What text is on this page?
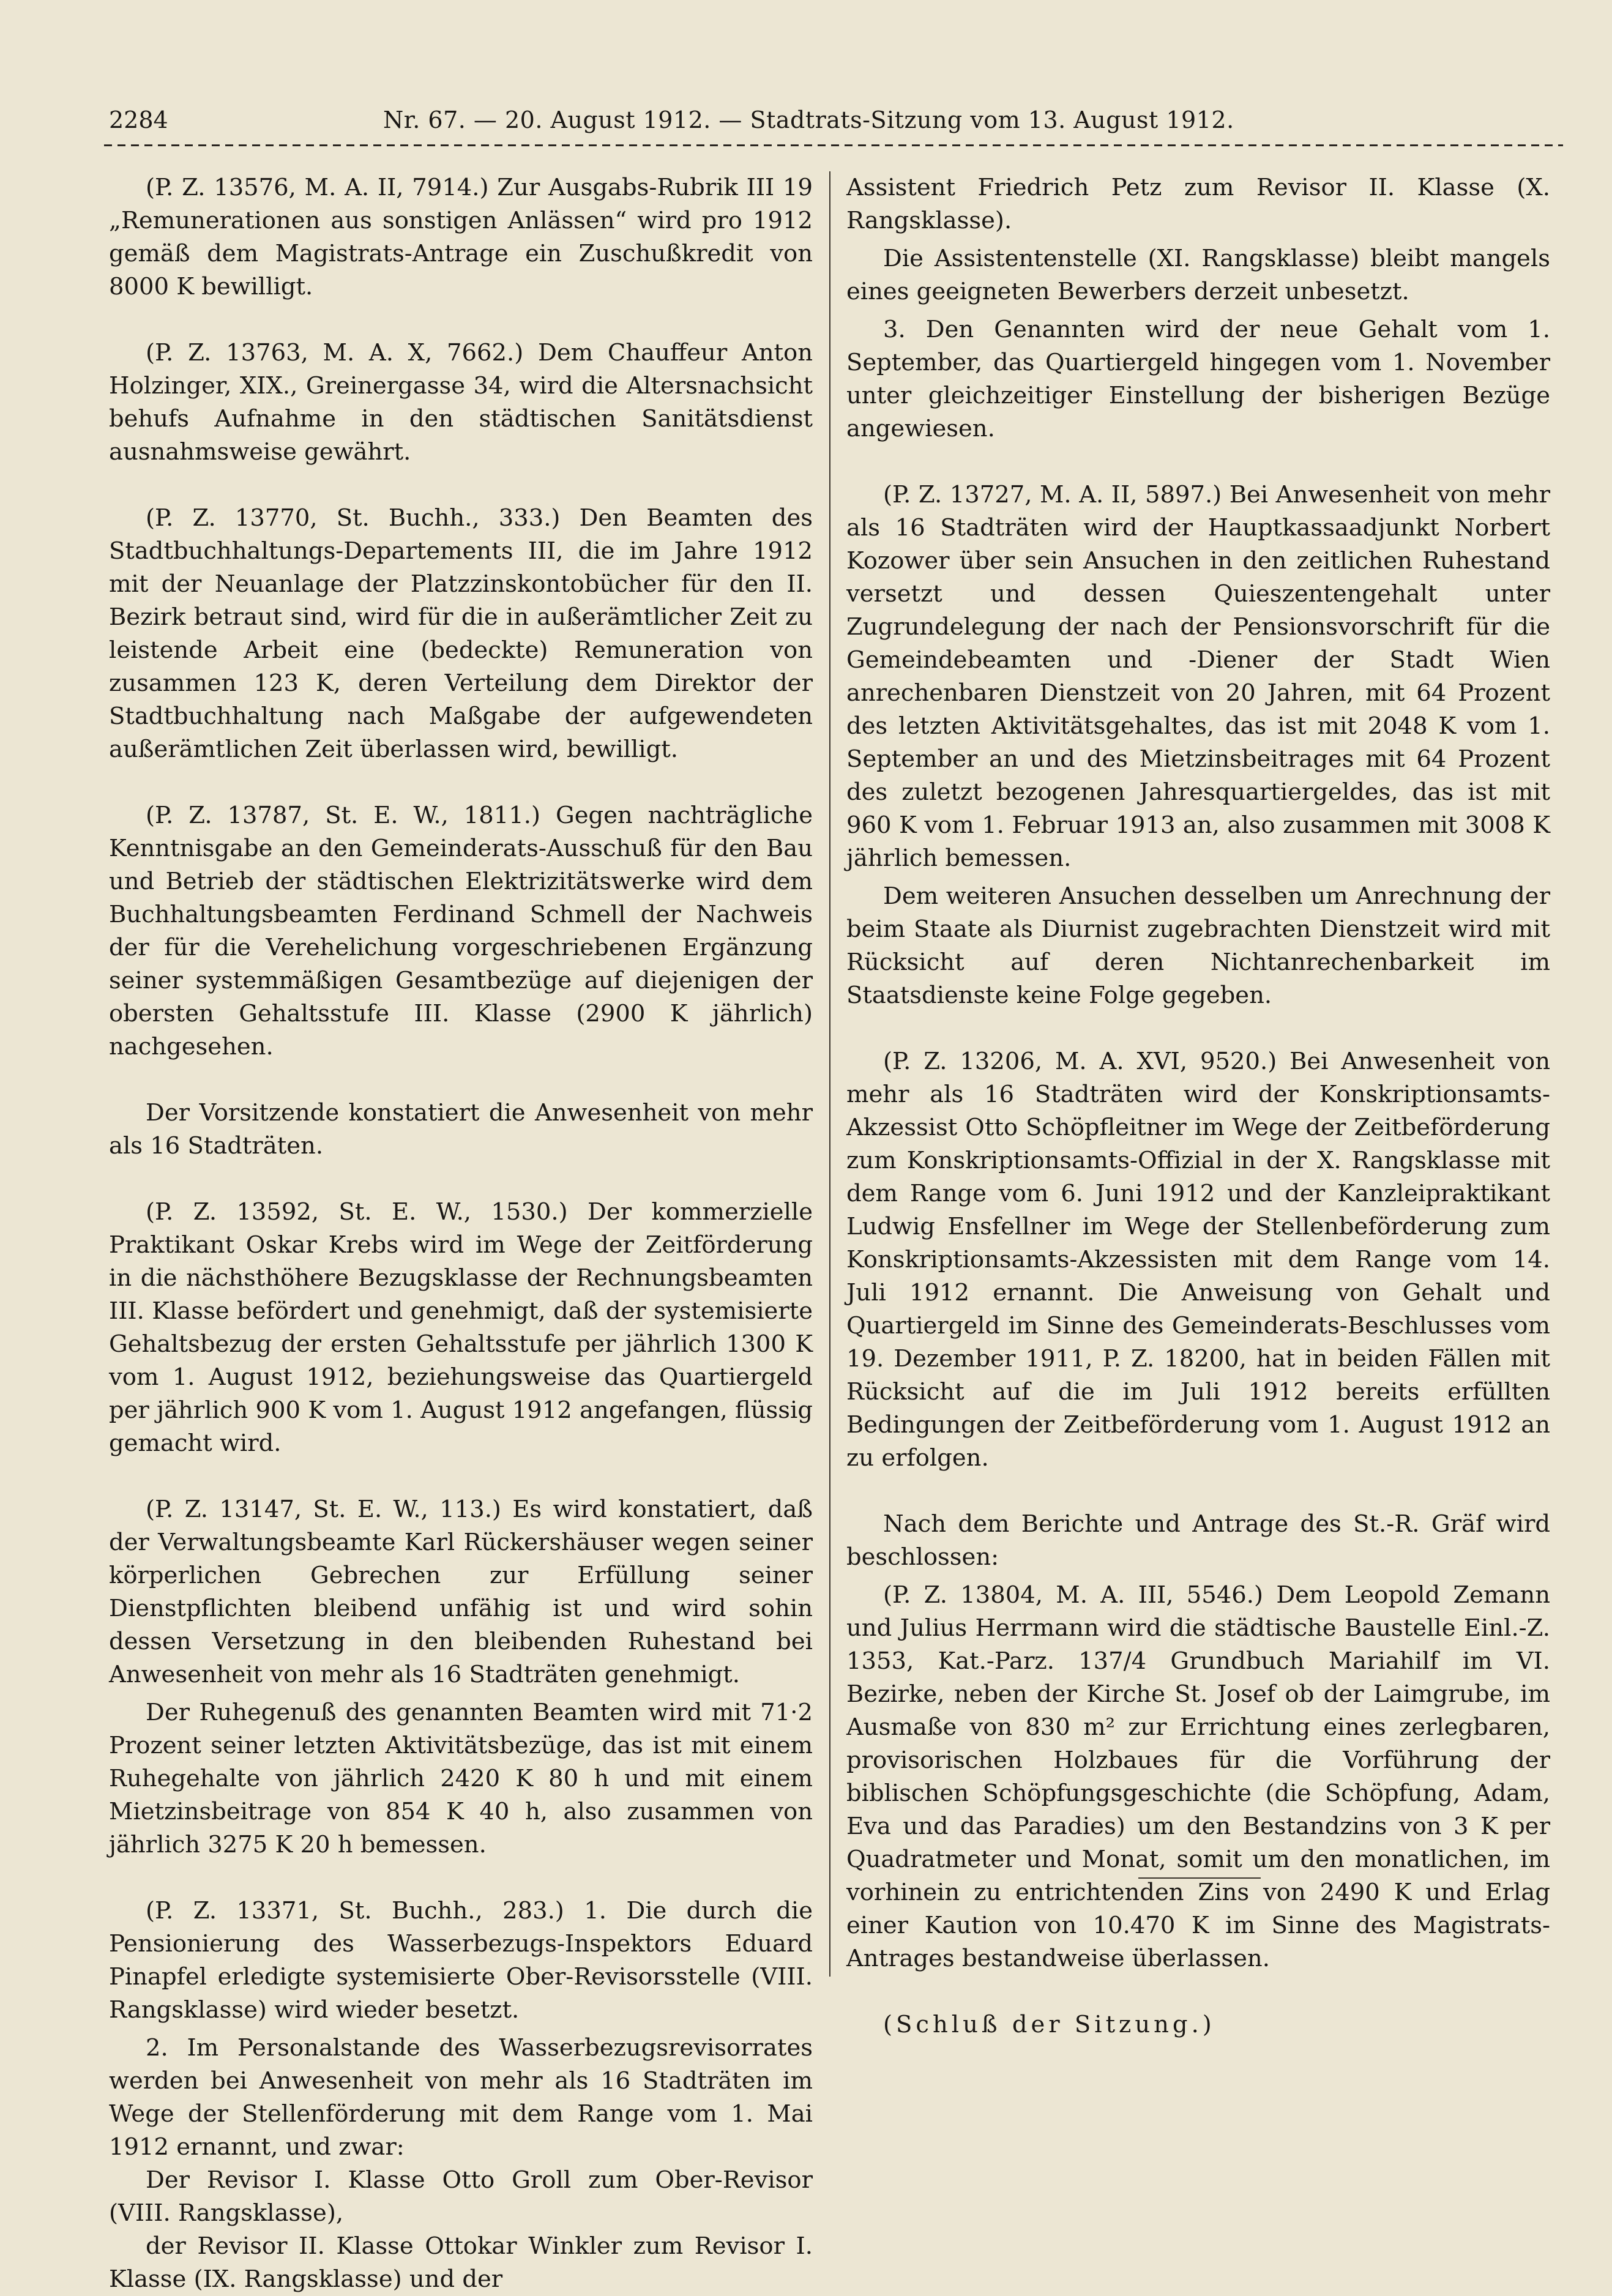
2284	Nr. 67. — 20. August 1912. — Stadtrats-Sitzung vom 13. August 1912.

(P. Z. 13576, M. A. II, 7914.) Zur Ausgabs-Rubrik III 19 „Remunerationen aus sonstigen Anlässen“ wird pro 1912 gemäß dem Magistrats-Antrage ein Zuschußkredit von 8000 K bewilligt.

(P. Z. 13763, M. A. X, 7662.) Dem Chauffeur Anton Holzinger, XIX., Greinergasse 34, wird die Altersnachsicht behufs Aufnahme in den städtischen Sanitätsdienst ausnahmsweise gewährt.

(P. Z. 13770, St. Buchh., 333.) Den Beamten des Stadtbuchhaltungs-Departements III, die im Jahre 1912 mit der Neuanlage der Platzzinskontobücher für den II. Bezirk betraut sind, wird für die in außerämtlicher Zeit zu leistende Arbeit eine (bedeckte) Remuneration von zusammen 123 K, deren Verteilung dem Direktor der Stadtbuchhaltung nach Maßgabe der aufgewendeten außerämtlichen Zeit überlassen wird, bewilligt.

(P. Z. 13787, St. E. W., 1811.) Gegen nachträgliche Kenntnisgabe an den Gemeinderats-Ausschuß für den Bau und Betrieb der städtischen Elektrizitätswerke wird dem Buchhaltungsbeamten Ferdinand Schmell der Nachweis der für die Verehelichung vorgeschriebenen Ergänzung seiner systemmäßigen Gesamtbezüge auf diejenigen der obersten Gehaltsstufe III. Klasse (2900 K jährlich) nachgesehen.

Der Vorsitzende konstatiert die Anwesenheit von mehr als 16 Stadträten.

(P. Z. 13592, St. E. W., 1530.) Der kommerzielle Praktikant Oskar Krebs wird im Wege der Zeitförderung in die nächsthöhere Bezugsklasse der Rechnungsbeamten III. Klasse befördert und genehmigt, daß der systemisierte Gehaltsbezug der ersten Gehaltsstufe per jährlich 1300 K vom 1. August 1912, beziehungsweise das Quartiergeld per jährlich 900 K vom 1. August 1912 angefangen, flüssig gemacht wird.

(P. Z. 13147, St. E. W., 113.) Es wird konstatiert, daß der Verwaltungsbeamte Karl Rückershäuser wegen seiner körperlichen Gebrechen zur Erfüllung seiner Dienstpflichten bleibend unfähig ist und wird sohin dessen Versetzung in den bleibenden Ruhestand bei Anwesenheit von mehr als 16 Stadträten genehmigt.

Der Ruhegenuß des genannten Beamten wird mit 71·2 Prozent seiner letzten Aktivitätsbezüge, das ist mit einem Ruhegehalte von jährlich 2420 K 80 h und mit einem Mietzinsbeitrage von 854 K 40 h, also zusammen von jährlich 3275 K 20 h bemessen.

(P. Z. 13371, St. Buchh., 283.) 1. Die durch die Pensionierung des Wasserbezugs-Inspektors Eduard Pinapfel erledigte systemisierte Ober-Revisorsstelle (VIII. Rangsklasse) wird wieder besetzt.

2. Im Personalstande des Wasserbezugsrevisorrates werden bei Anwesenheit von mehr als 16 Stadträten im Wege der Stellenförderung mit dem Range vom 1. Mai 1912 ernannt, und zwar:

Der Revisor I. Klasse Otto Groll zum Ober-Revisor (VIII. Rangsklasse),

der Revisor II. Klasse Ottokar Winkler zum Revisor I. Klasse (IX. Rangsklasse) und der

Assistent Friedrich Petz zum Revisor II. Klasse (X. Rangsklasse).

Die Assistentenstelle (XI. Rangsklasse) bleibt mangels eines geeigneten Bewerbers derzeit unbesetzt.

3. Den Genannten wird der neue Gehalt vom 1. September, das Quartiergeld hingegen vom 1. November unter gleichzeitiger Einstellung der bisherigen Bezüge angewiesen.

(P. Z. 13727, M. A. II, 5897.) Bei Anwesenheit von mehr als 16 Stadträten wird der Hauptkassaadjunkt Norbert Kozower über sein Ansuchen in den zeitlichen Ruhestand versetzt und dessen Quieszentengehalt unter Zugrundelegung der nach der Pensionsvorschrift für die Gemeindebeamten und -Diener der Stadt Wien anrechenbaren Dienstzeit von 20 Jahren, mit 64 Prozent des letzten Aktivitätsgehaltes, das ist mit 2048 K vom 1. September an und des Mietzinsbeitrages mit 64 Prozent des zuletzt bezogenen Jahresquartiergeldes, das ist mit 960 K vom 1. Februar 1913 an, also zusammen mit 3008 K jährlich bemessen.

Dem weiteren Ansuchen desselben um Anrechnung der beim Staate als Diurnist zugebrachten Dienstzeit wird mit Rücksicht auf deren Nichtanrechenbarkeit im Staatsdienste keine Folge gegeben.

(P. Z. 13206, M. A. XVI, 9520.) Bei Anwesenheit von mehr als 16 Stadträten wird der Konskriptionsamts-Akzessist Otto Schöpfleitner im Wege der Zeitbeförderung zum Konskriptionsamts-Offizial in der X. Rangsklasse mit dem Range vom 6. Juni 1912 und der Kanzleipraktikant Ludwig Ensfellner im Wege der Stellenbeförderung zum Konskriptionsamts-Akzessisten mit dem Range vom 14. Juli 1912 ernannt. Die Anweisung von Gehalt und Quartiergeld im Sinne des Gemeinderats-Beschlusses vom 19. Dezember 1911, P. Z. 18200, hat in beiden Fällen mit Rücksicht auf die im Juli 1912 bereits erfüllten Bedingungen der Zeitbeförderung vom 1. August 1912 an zu erfolgen.

Nach dem Berichte und Antrage des St.-R. Gräf wird beschlossen:

(P. Z. 13804, M. A. III, 5546.) Dem Leopold Zemann und Julius Herrmann wird die städtische Baustelle Einl.-Z. 1353, Kat.-Parz. 137/4 Grundbuch Mariahilf im VI. Bezirke, neben der Kirche St. Josef ob der Laimgrube, im Ausmaße von 830 m² zur Errichtung eines zerlegbaren, provisorischen Holzbaues für die Vorführung der biblischen Schöpfungsgeschichte (die Schöpfung, Adam, Eva und das Paradies) um den Bestandzins von 3 K per Quadratmeter und Monat, somit um den monatlichen, im vorhinein zu entrichtenden Zins von 2490 K und Erlag einer Kaution von 10.470 K im Sinne des Magistrats-Antrages bestandweise überlassen.

(Schluß der Sitzung.)
